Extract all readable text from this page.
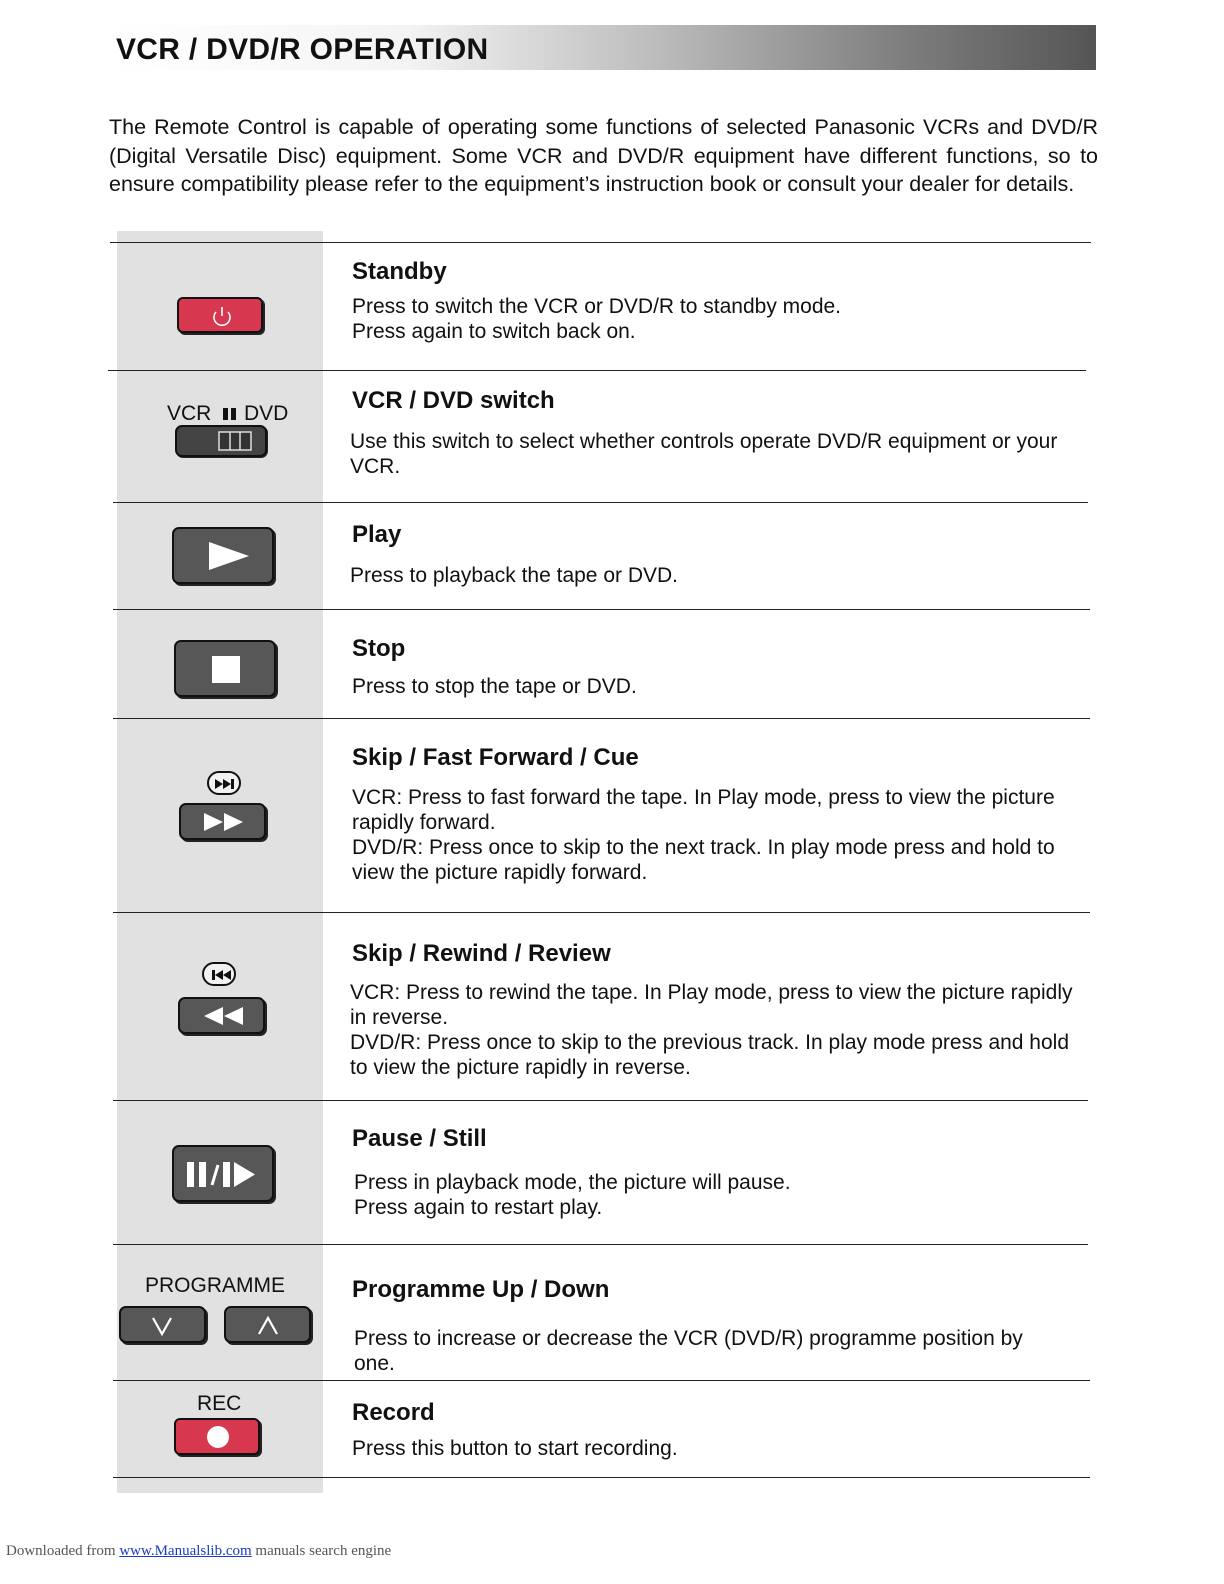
VCR / DVD/R OPERATION
The Remote Control is capable of operating some functions of selected Panasonic VCRs and DVD/R (Digital Versatile Disc) equipment. Some VCR and DVD/R equipment have different functions, so to ensure compatibility please refer to the equipment’s instruction book or consult your dealer for details.
Standby
Press to switch the VCR or DVD/R to standby mode.
Press again to switch back on.
VCR DVD	VCR / DVD switch
Use this switch to select whether controls operate DVD/R equipment or your VCR.
Play
Press to playback the tape or DVD.
Stop
Press to stop the tape or DVD.
Skip / Fast Forward / Cue
VCR: Press to fast forward the tape. In Play mode, press to view the picture rapidly forward.
DVD/R: Press once to skip to the next track. In play mode press and hold to view the picture rapidly forward.
Skip / Rewind / Review
VCR: Press to rewind the tape. In Play mode, press to view the picture rapidly in reverse.
DVD/R: Press once to skip to the previous track. In play mode press and hold to view the picture rapidly in reverse.
Pause / Still
Press in playback mode, the picture will pause.
Press again to restart play.
PROGRAMME	Programme Up / Down
Press to increase or decrease the VCR (DVD/R) programme position by one.
REC	Record
Press this button to start recording.
Downloaded from www.Manualslib.com manuals search engine
